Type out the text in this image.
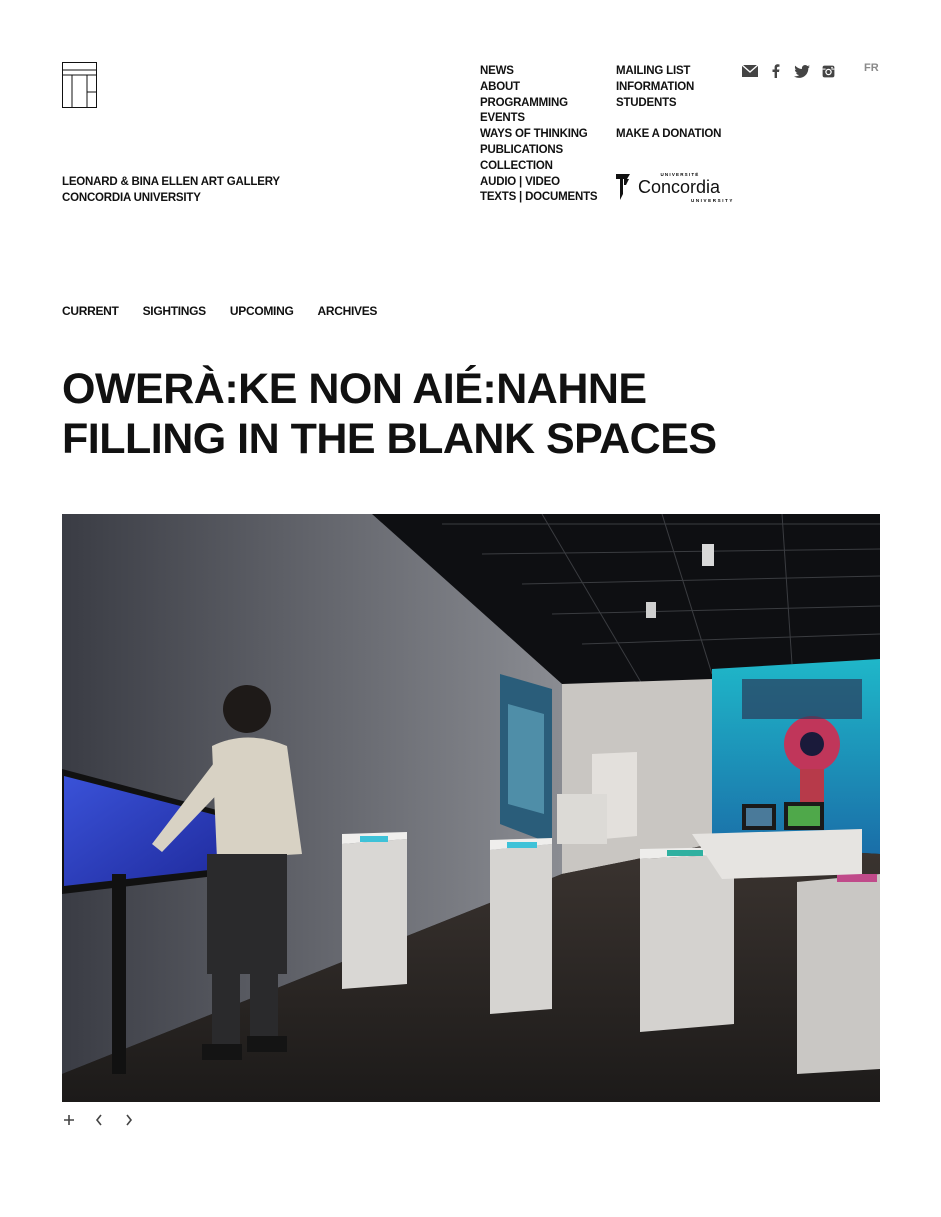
LEONARD & BINA ELLEN ART GALLERY
CONCORDIA UNIVERSITY
NEWS
ABOUT
PROGRAMMING
EVENTS
WAYS OF THINKING
PUBLICATIONS
COLLECTION
AUDIO | VIDEO
TEXTS | DOCUMENTS
MAILING LIST
INFORMATION
STUDENTS
MAKE A DONATION
FR
UNIVERSITÉ
Concordia
UNIVERSITY
CURRENT SIGHTINGS UPCOMING ARCHIVES
OWERÀ:KE NON AIÉ:NAHNE
FILLING IN THE BLANK SPACES
